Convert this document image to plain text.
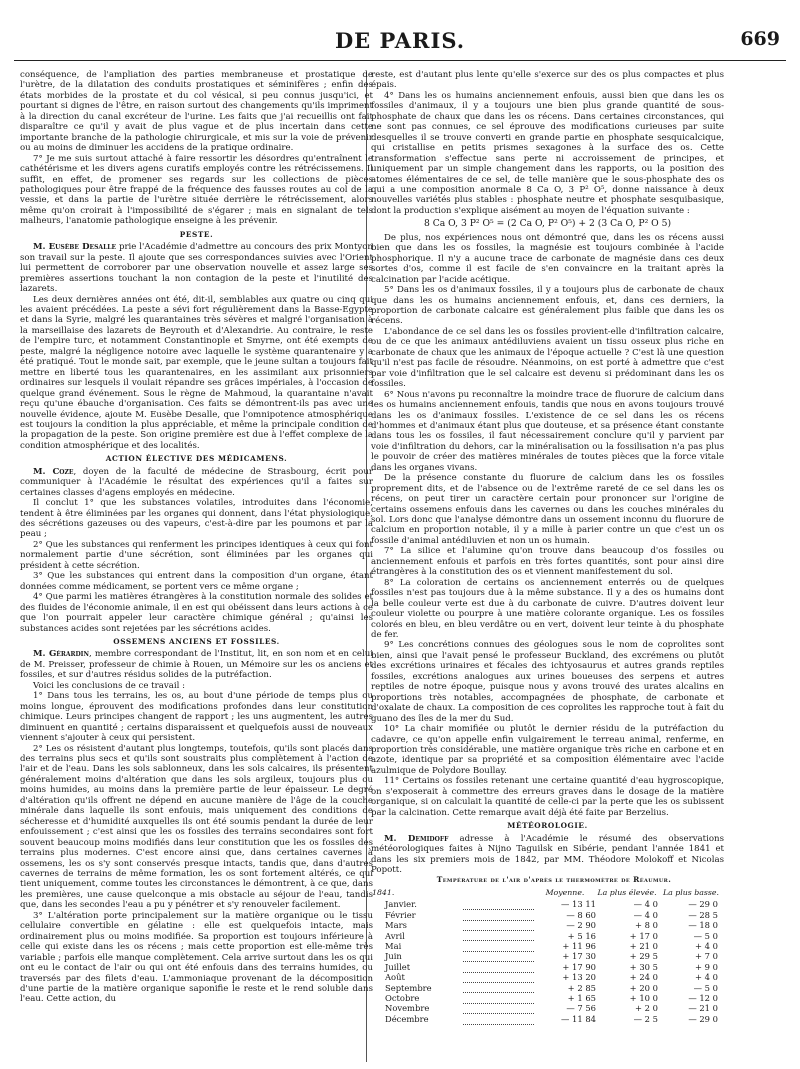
DE PARIS.	669

conséquence, de l'ampliation des parties membraneuse et prostatique de l'urètre, de la dilatation des conduits prostatiques et séminifères ; enfin des états morbides de la prostate et du col vésical, si peu connus jusqu'ici, et pourtant si dignes de l'être, en raison surtout des changements qu'ils impriment à la direction du canal excréteur de l'urine. Les faits que j'ai recueillis ont fait disparaître ce qu'il y avait de plus vague et de plus incertain dans cette importante branche de la pathologie chirurgicale, et mis sur la voie de prévenir ou au moins de diminuer les accidens de la pratique ordinaire.

7° Je me suis surtout attaché à faire ressortir les désordres qu'entraînent le cathétérisme et les divers agens curatifs employés contre les rétrécissemens. Il suffit, en effet, de promener ses regards sur les collections de pièces pathologiques pour être frappé de la fréquence des fausses routes au col de la vessie, et dans la partie de l'urètre située derrière le rétrécissement, alors même qu'on croirait à l'impossibilité de s'égarer ; mais en signalant de tels malheurs, l'anatomie pathologique enseigne à les prévenir.

PESTE.

M. Eusèbe Desalle prie l'Académie d'admettre au concours des prix Montyon son travail sur la peste. Il ajoute que ses correspondances suivies avec l'Orient lui permettent de corroborer par une observation nouvelle et assez large ses premières assertions touchant la non contagion de la peste et l'inutilité des lazarets.

Les deux dernières années ont été, dit-il, semblables aux quatre ou cinq qui les avaient précédées. La peste a sévi fort régulièrement dans la Basse-Egypte et dans la Syrie, malgré les quarantaines très sévères et malgré l'organisation à la marseillaise des lazarets de Beyrouth et d'Alexandrie. Au contraire, le reste de l'empire turc, et notamment Constantinople et Smyrne, ont été exempts de peste, malgré la négligence notoire avec laquelle le système quarantenaire y a été pratiqué. Tout le monde sait, par exemple, que le jeune sultan a toujours fait mettre en liberté tous les quarantenaires, en les assimilant aux prisonniers ordinaires sur lesquels il voulait répandre ses grâces impériales, à l'occasion de quelque grand événement. Sous le règne de Mahmoud, la quarantaine n'avait reçu qu'une ébauche d'organisation. Ces faits se démontrent-ils pas avec une nouvelle évidence, ajoute M. Eusèbe Desalle, que l'omnipotence atmosphérique est toujours la condition la plus appréciable, et même la principale condition de la propagation de la peste. Son origine première est due à l'effet complexe de la condition atmosphérique et des localités.

ACTION ÉLECTIVE DES MÉDICAMENS.

M. Coze, doyen de la faculté de médecine de Strasbourg, écrit pour communiquer à l'Académie le résultat des expériences qu'il a faites sur certaines classes d'agens employés en médecine.

Il conclut 1° que les substances volatiles, introduites dans l'économie, tendent à être éliminées par les organes qui donnent, dans l'état physiologique, des sécrétions gazeuses ou des vapeurs, c'est-à-dire par les poumons et par la peau ;

2° Que les substances qui renferment les principes identiques à ceux qui font normalement partie d'une sécrétion, sont éliminées par les organes qui président à cette sécrétion.

3° Que les substances qui entrent dans la composition d'un organe, étant données comme médicament, se portent vers ce même organe ;

4° Que parmi les matières étrangères à la constitution normale des solides et des fluides de l'économie animale, il en est qui obéissent dans leurs actions à ce que l'on pourrait appeler leur caractère chimique général ; qu'ainsi les substances acides sont rejetées par les sécrétions acides.

OSSEMENS ANCIENS ET FOSSILES.

M. Gérardin, membre correspondant de l'Institut, lit, en son nom et en celui de M. Preisser, professeur de chimie à Rouen, un Mémoire sur les os anciens et fossiles, et sur d'autres résidus solides de la putréfaction.

Voici les conclusions de ce travail :

1° Dans tous les terrains, les os, au bout d'une période de temps plus ou moins longue, éprouvent des modifications profondes dans leur constitution chimique. Leurs principes changent de rapport ; les uns augmentent, les autres diminuent en quantité ; certains disparaissent et quelquefois aussi de nouveaux viennent s'ajouter à ceux qui persistent.

2° Les os résistent d'autant plus longtemps, toutefois, qu'ils sont placés dans des terrains plus secs et qu'ils sont soustraits plus complètement à l'action de l'air et de l'eau. Dans les sols sablonneux, dans les sols calcaires, ils présentent généralement moins d'altération que dans les sols argileux, toujours plus ou moins humides, au moins dans la première partie de leur épaisseur. Le degré d'altération qu'ils offrent ne dépend en aucune manière de l'âge de la couche minérale dans laquelle ils sont enfouis, mais uniquement des conditions de sécheresse et d'humidité auxquelles ils ont été soumis pendant la durée de leur enfouissement ; c'est ainsi que les os fossiles des terrains secondaires sont fort souvent beaucoup moins modifiés dans leur constitution que les os fossiles des terrains plus modernes. C'est encore ainsi que, dans certaines cavernes à ossemens, les os s'y sont conservés presque intacts, tandis que, dans d'autres cavernes de terrains de même formation, les os sont fortement altérés, ce qui tient uniquement, comme toutes les circonstances le démontrent, à ce que, dans les premières, une cause quelconque a mis obstacle au séjour de l'eau, tandis que, dans les secondes l'eau a pu y pénétrer et s'y renouveler facilement.

3° L'altération porte principalement sur la matière organique ou le tissu cellulaire convertible en gélatine : elle est quelquefois intacte, mais ordinairement plus ou moins modifiée. Sa proportion est toujours inférieure à celle qui existe dans les os récens ; mais cette proportion est elle-même très variable ; parfois elle manque complètement. Cela arrive surtout dans les os qui ont eu le contact de l'air ou qui ont été enfouis dans des terrains humides, ou traversés par des filets d'eau. L'ammoniaque provenant de la décomposition d'une partie de la matière organique saponifie le reste et le rend soluble dans l'eau. Cette action, du

reste, est d'autant plus lente qu'elle s'exerce sur des os plus compactes et plus épais.

4° Dans les os humains anciennement enfouis, aussi bien que dans les os fossiles d'animaux, il y a toujours une bien plus grande quantité de sous-phosphate de chaux que dans les os récens. Dans certaines circonstances, qui ne sont pas connues, ce sel éprouve des modifications curieuses par suite desquelles il se trouve converti en grande partie en phosphate sesquicalcique, qui cristallise en petits prismes sexagones à la surface des os. Cette transformation s'effectue sans perte ni accroissement de principes, et uniquement par un simple changement dans les rapports, ou la position des atomes élémentaires de ce sel, de telle manière que le sous-phosphate des os qui a une composition anormale 8 Ca O, 3 P² O⁵, donne naissance à deux nouvelles variétés plus stables : phosphate neutre et phosphate sesquibasique, dont la production s'explique aisément au moyen de l'équation suivante :

8 Ca O, 3 P² O⁵ = (2 Ca O, P² O⁵) + 2 (3 Ca O, P² O 5)

De plus, nos expériences nous ont démontré que, dans les os récens aussi bien que dans les os fossiles, la magnésie est toujours combinée à l'acide phosphorique. Il n'y a aucune trace de carbonate de magnésie dans ces deux sortes d'os, comme il est facile de s'en convaincre en la traitant après la calcination par l'acide acétique.

5° Dans les os d'animaux fossiles, il y a toujours plus de carbonate de chaux que dans les os humains anciennement enfouis, et, dans ces derniers, la proportion de carbonate calcaire est généralement plus faible que dans les os récens.

L'abondance de ce sel dans les os fossiles provient-elle d'infiltration calcaire, ou de ce que les animaux antédiluviens avaient un tissu osseux plus riche en carbonate de chaux que les animaux de l'époque actuelle ? C'est là une question qu'il n'est pas facile de résoudre. Néanmoins, on est porté à admettre que c'est par voie d'infiltration que le sel calcaire est devenu si prédominant dans les os fossiles.

6° Nous n'avons pu reconnaître la moindre trace de fluorure de calcium dans les os humains anciennement enfouis, tandis que nous en avons toujours trouvé dans les os d'animaux fossiles. L'existence de ce sel dans les os récens d'hommes et d'animaux étant plus que douteuse, et sa présence étant constante dans tous les os fossiles, il faut nécessairement conclure qu'il y parvient par voie d'infiltration du dehors, car la minéralisation ou la fossilisation n'a pas plus le pouvoir de créer des matières minérales de toutes pièces que la force vitale dans les organes vivans.

De la présence constante du fluorure de calcium dans les os fossiles proprement dits, et de l'absence ou de l'extrême rareté de ce sel dans les os récens, on peut tirer un caractère certain pour prononcer sur l'origine de certains ossemens enfouis dans les cavernes ou dans les couches minérales du sol. Lors donc que l'analyse démontre dans un ossement inconnu du fluorure de calcium en proportion notable, il y a mille à parier contre un que c'est un os fossile d'animal antédiluvien et non un os humain.

7° La silice et l'alumine qu'on trouve dans beaucoup d'os fossiles ou anciennement enfouis et parfois en très fortes quantités, sont pour ainsi dire étrangères à la constitution des os et viennent manifestement du sol.

8° La coloration de certains os anciennement enterrés ou de quelques fossiles n'est pas toujours due à la même substance. Il y a des os humains dont la belle couleur verte est due à du carbonate de cuivre. D'autres doivent leur couleur violette ou pourpre à une matière colorante organique. Les os fossiles colorés en bleu, en bleu verdâtre ou en vert, doivent leur teinte à du phosphate de fer.

9° Les concrétions connues des géologues sous le nom de coprolites sont bien, ainsi que l'avait pensé le professeur Buckland, des excrémens ou plutôt des excrétions urinaires et fécales des ichtyosaurus et autres grands reptiles fossiles, excrétions analogues aux urines boueuses des serpens et autres reptiles de notre époque, puisque nous y avons trouvé des urates alcalins en proportions très notables, accompagnées de phosphate, de carbonate et d'oxalate de chaux. La composition de ces coprolites les rapproche tout à fait du guano des îles de la mer du Sud.

10° La chair momifiée ou plutôt le dernier résidu de la putréfaction du cadavre, ce qu'on appelle enfin vulgairement le terreau animal, renferme, en proportion très considérable, une matière organique très riche en carbone et en azote, identique par sa propriété et sa composition élémentaire avec l'acide azulmique de Polydore Boullay.

11° Certains os fossiles retenant une certaine quantité d'eau hygroscopique, on s'exposerait à commettre des erreurs graves dans le dosage de la matière organique, si on calculait la quantité de celle-ci par la perte que les os subissent par la calcination. Cette remarque avait déjà été faite par Berzelius.

MÉTÉOROLOGIE.

M. Demidoff adresse à l'Académie le résumé des observations météorologiques faites à Nijno Taguilsk en Sibérie, pendant l'année 1841 et dans les six premiers mois de 1842, par MM. Théodore Molokoff et Nicolas Popott.

Température de l'air d'après le thermomètre de Réaumur.

1841.		Moyenne.	La plus élevée.	La plus basse.
Janvier.		— 13 11	— 4 0	— 29 0
Février		— 8 60	— 4 0	— 28 5
Mars		— 2 90	+ 8 0	— 18 0
Avril		+ 5 16	+ 17 0	— 5 0
Mai		+ 11 96	+ 21 0	+ 4 0
Juin		+ 17 30	+ 29 5	+ 7 0
Juillet		+ 17 90	+ 30 5	+ 9 0
Août		+ 13 20	+ 24 0	+ 4 0
Septembre		+ 2 85	+ 20 0	— 5 0
Octobre		+ 1 65	+ 10 0	— 12 0
Novembre		— 7 56	+ 2 0	— 21 0
Décembre		— 11 84	— 2 5	— 29 0
